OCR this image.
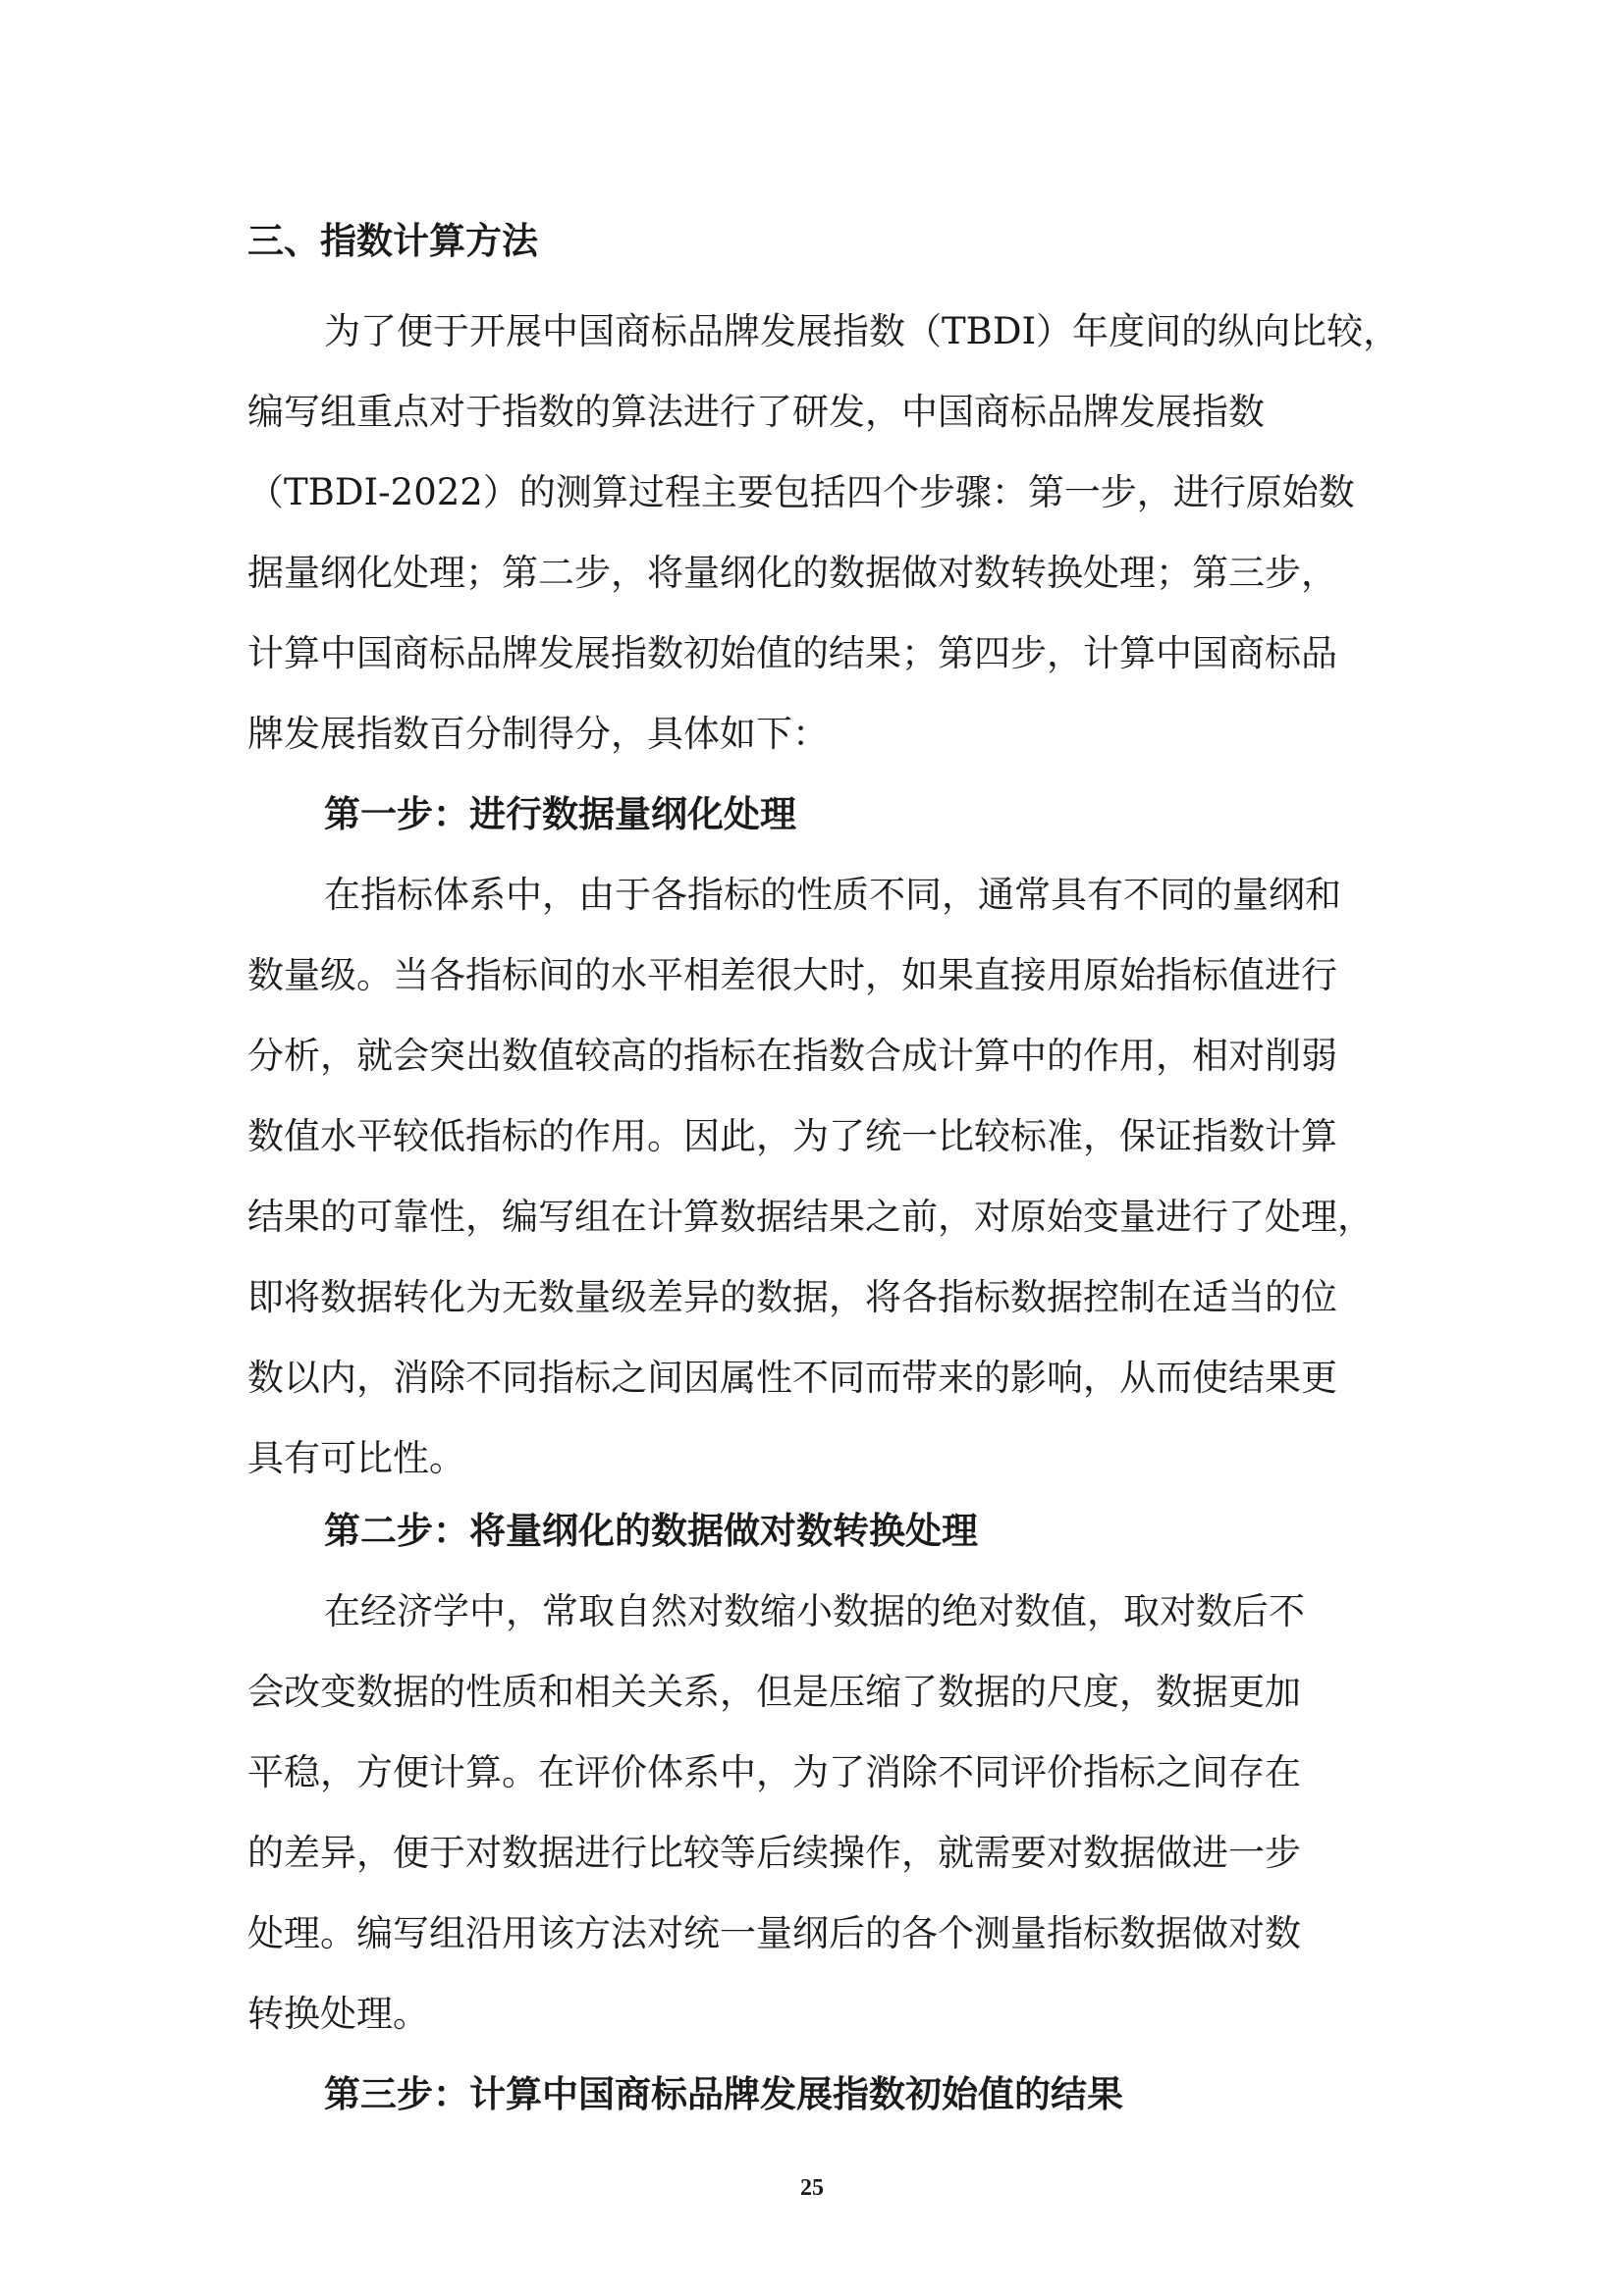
三、指数计算方法

为了便于开展中国商标品牌发展指数（TBDI）年度间的纵向比较，

编写组重点对于指数的算法进行了研发，中国商标品牌发展指数

（TBDI-2022）的测算过程主要包括四个步骤：第一步，进行原始数

据量纲化处理；第二步，将量纲化的数据做对数转换处理；第三步，

计算中国商标品牌发展指数初始值的结果；第四步，计算中国商标品

牌发展指数百分制得分，具体如下：

第一步：进行数据量纲化处理

在指标体系中，由于各指标的性质不同，通常具有不同的量纲和

数量级。当各指标间的水平相差很大时，如果直接用原始指标值进行

分析，就会突出数值较高的指标在指数合成计算中的作用，相对削弱

数值水平较低指标的作用。因此，为了统一比较标准，保证指数计算

结果的可靠性，编写组在计算数据结果之前，对原始变量进行了处理，

即将数据转化为无数量级差异的数据，将各指标数据控制在适当的位

数以内，消除不同指标之间因属性不同而带来的影响，从而使结果更

具有可比性。

第二步：将量纲化的数据做对数转换处理

在经济学中，常取自然对数缩小数据的绝对数值，取对数后不

会改变数据的性质和相关关系，但是压缩了数据的尺度，数据更加

平稳，方便计算。在评价体系中，为了消除不同评价指标之间存在

的差异，便于对数据进行比较等后续操作，就需要对数据做进一步

处理。编写组沿用该方法对统一量纲后的各个测量指标数据做对数

转换处理。

第三步：计算中国商标品牌发展指数初始值的结果
25
